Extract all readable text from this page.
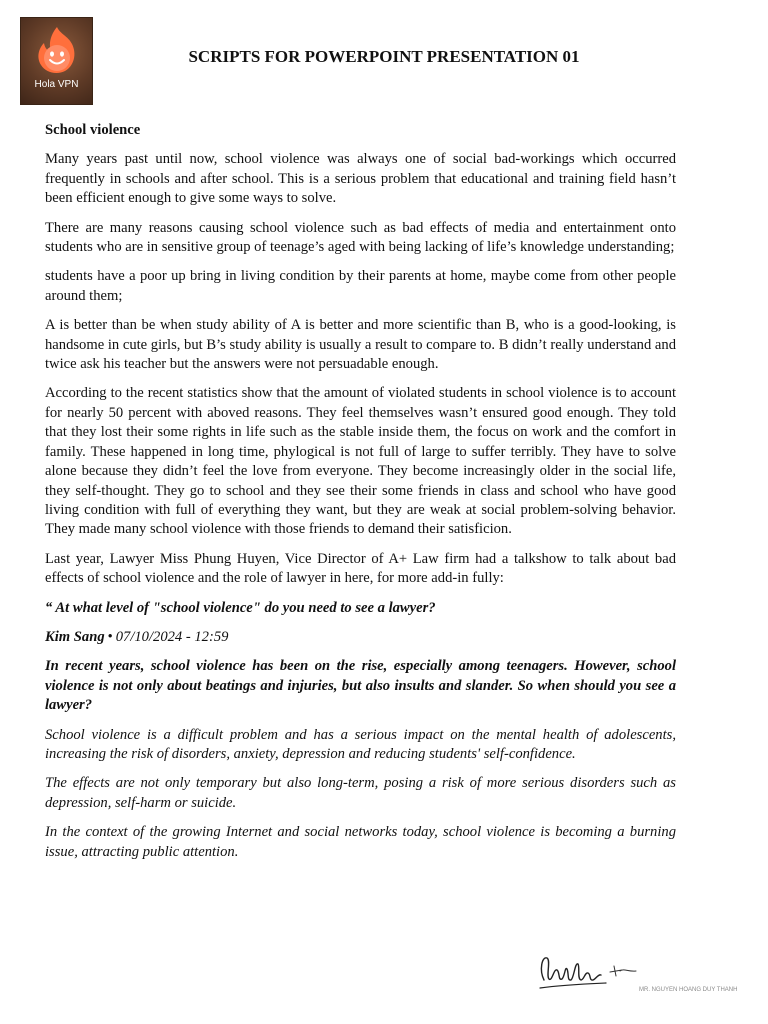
Hola VPN
SCRIPTS FOR POWERPOINT PRESENTATION 01

School violence

Many years past until now, school violence was always one of social bad-workings which occurred frequently in schools and after school. This is a serious problem that educational and training field hasn’t been efficient enough to give some ways to solve.

There are many reasons causing school violence such as bad effects of media and entertainment onto students who are in sensitive group of teenage’s aged with being lacking of life’s knowledge understanding;

students have a poor up bring in living condition by their parents at home, maybe come from other people around them;

A is better than be when study ability of A is better and more scientific than B, who is a good-looking, is handsome in cute girls, but B’s study ability is usually a result to compare to. B didn’t really understand and twice ask his teacher but the answers were not persuadable enough.

According to the recent statistics show that the amount of violated students in school violence is to account for nearly 50 percent with aboved reasons. They feel themselves wasn’t ensured good enough. They told that they lost their some rights in life such as the stable inside them, the focus on work and the comfort in family. These happened in long time, phylogical is not full of large to suffer terribly. They have to solve alone because they didn’t feel the love from everyone. They become increasingly older in the social life, they self-thought. They go to school and they see their some friends in class and school who have good living condition with full of everything they want, but they are weak at social problem-solving behavior. They made many school violence with those friends to demand their satisficion.

Last year, Lawyer Miss Phung Huyen, Vice Director of A+ Law firm had a talkshow to talk about bad effects of school violence and the role of lawyer in here, for more add-in fully:

“ At what level of "school violence" do you need to see a lawyer?

Kim Sang • 07/10/2024 - 12:59

In recent years, school violence has been on the rise, especially among teenagers. However, school violence is not only about beatings and injuries, but also insults and slander. So when should you see a lawyer?

School violence is a difficult problem and has a serious impact on the mental health of adolescents, increasing the risk of disorders, anxiety, depression and reducing students' self-confidence.

The effects are not only temporary but also long-term, posing a risk of more serious disorders such as depression, self-harm or suicide.

In the context of the growing Internet and social networks today, school violence is becoming a burning issue, attracting public attention.

MR. NGUYEN HOANG DUY THANH
